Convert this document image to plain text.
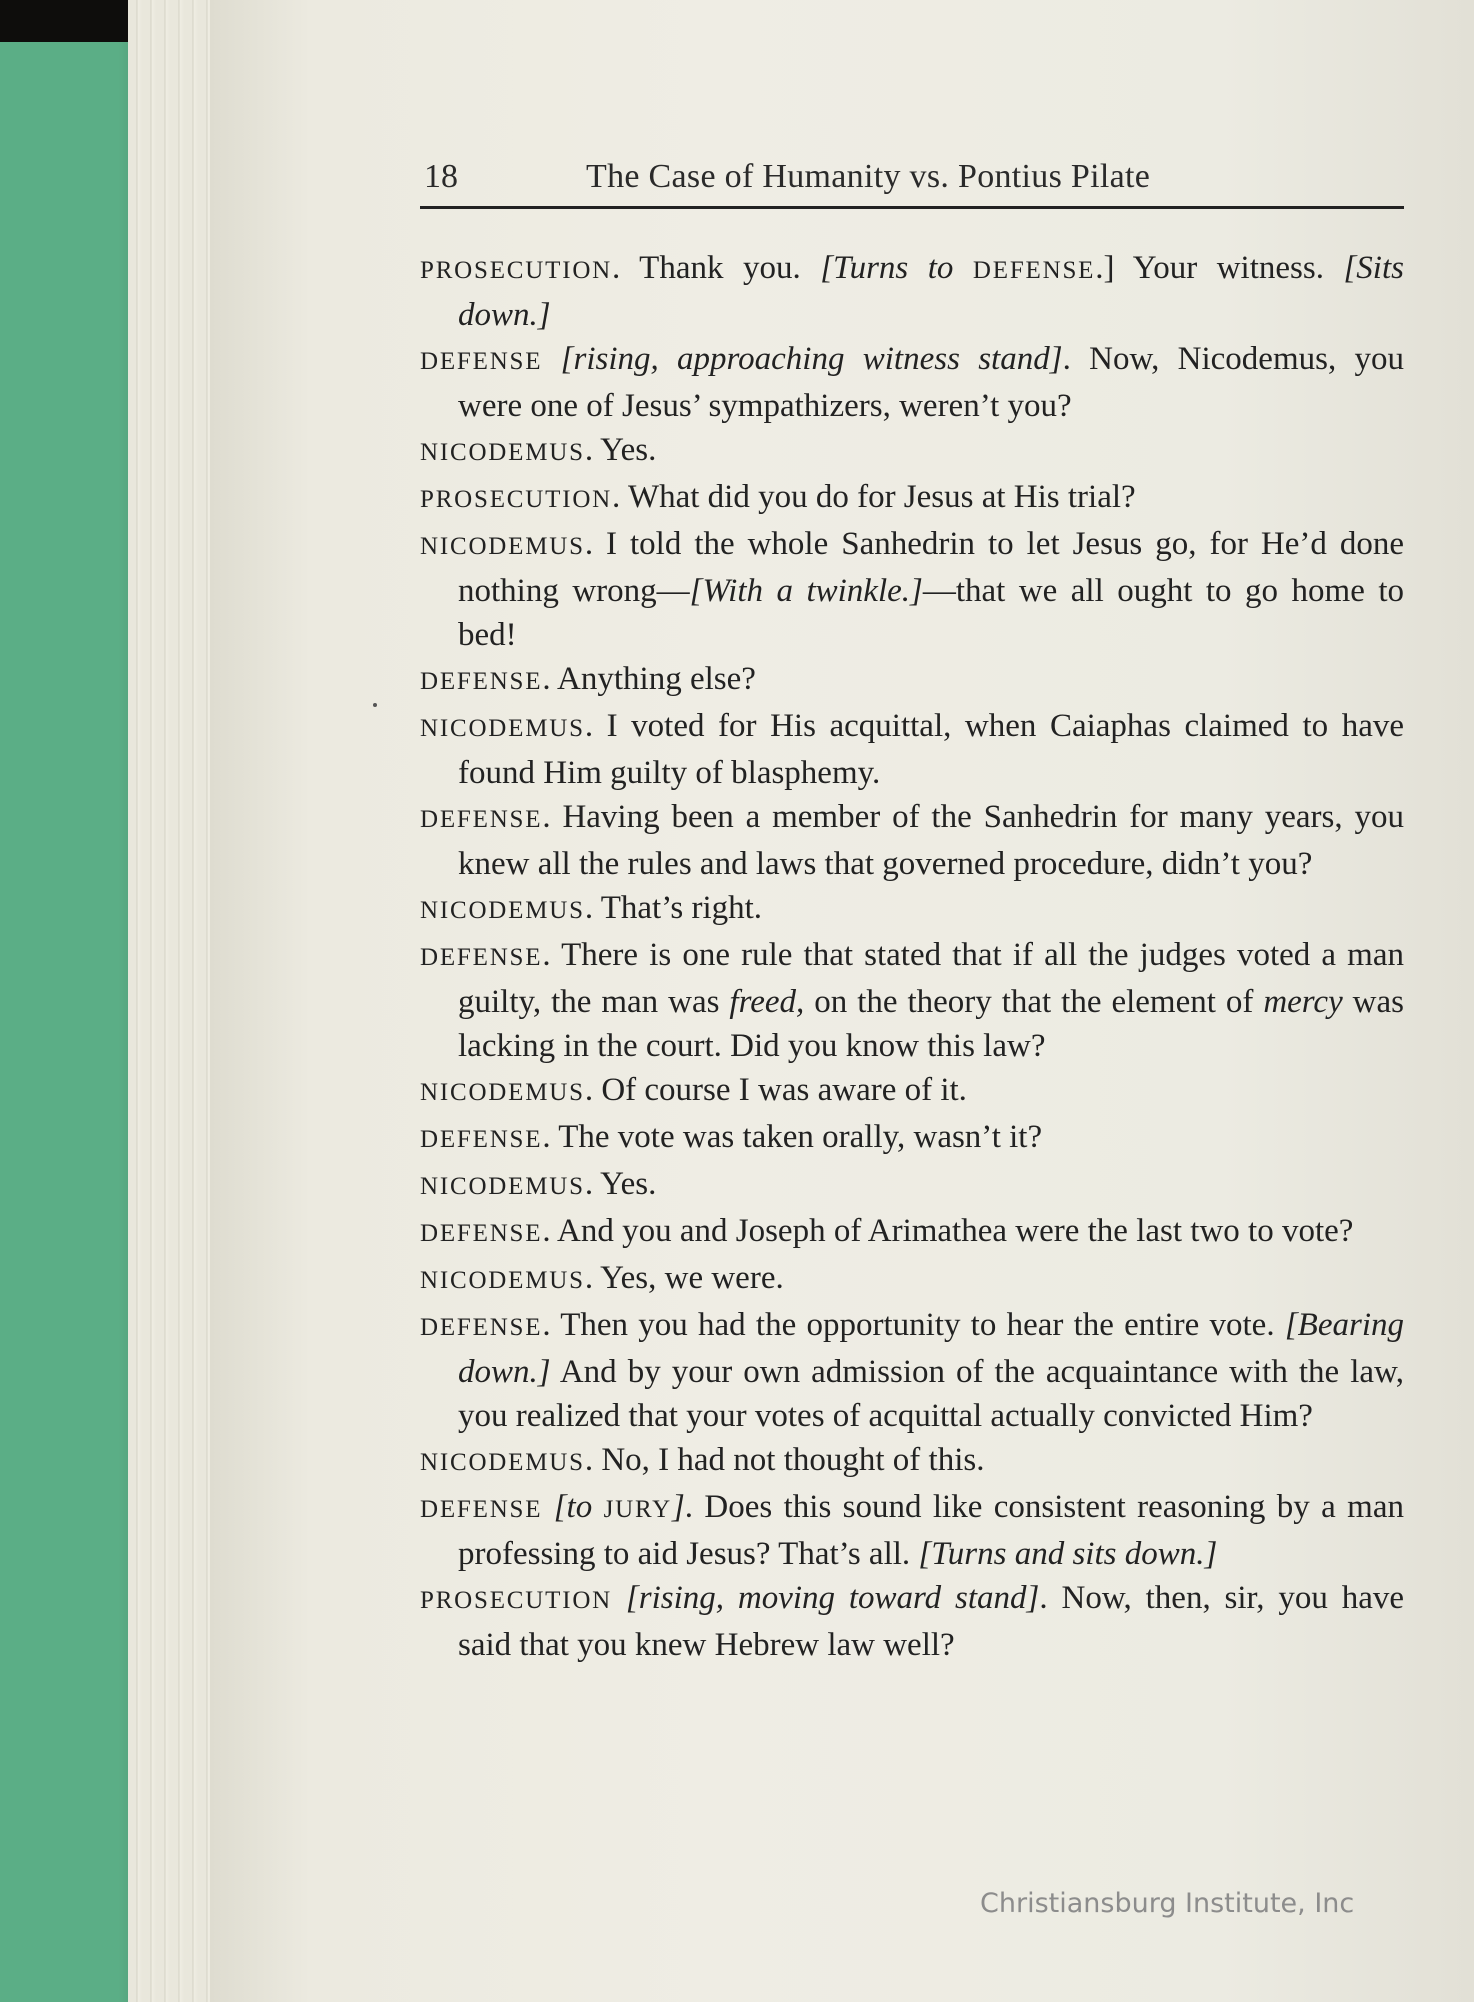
18	The Case of Humanity vs. Pontius Pilate

PROSECUTION. Thank you. [Turns to DEFENSE.] Your witness. [Sits down.]

DEFENSE [rising, approaching witness stand]. Now, Nicodemus, you were one of Jesus’ sympathizers, weren’t you?

NICODEMUS. Yes.

PROSECUTION. What did you do for Jesus at His trial?

NICODEMUS. I told the whole Sanhedrin to let Jesus go, for He’d done nothing wrong—[With a twinkle.]—that we all ought to go home to bed!

DEFENSE. Anything else?

NICODEMUS. I voted for His acquittal, when Caiaphas claimed to have found Him guilty of blasphemy.

DEFENSE. Having been a member of the Sanhedrin for many years, you knew all the rules and laws that governed procedure, didn’t you?

NICODEMUS. That’s right.

DEFENSE. There is one rule that stated that if all the judges voted a man guilty, the man was freed, on the theory that the element of mercy was lacking in the court. Did you know this law?

NICODEMUS. Of course I was aware of it.

DEFENSE. The vote was taken orally, wasn’t it?

NICODEMUS. Yes.

DEFENSE. And you and Joseph of Arimathea were the last two to vote?

NICODEMUS. Yes, we were.

DEFENSE. Then you had the opportunity to hear the entire vote. [Bearing down.] And by your own admission of the acquaintance with the law, you realized that your votes of acquittal actually convicted Him?

NICODEMUS. No, I had not thought of this.

DEFENSE [to JURY]. Does this sound like consistent reasoning by a man professing to aid Jesus? That’s all. [Turns and sits down.]

PROSECUTION [rising, moving toward stand]. Now, then, sir, you have said that you knew Hebrew law well?

Christiansburg Institute, Inc
